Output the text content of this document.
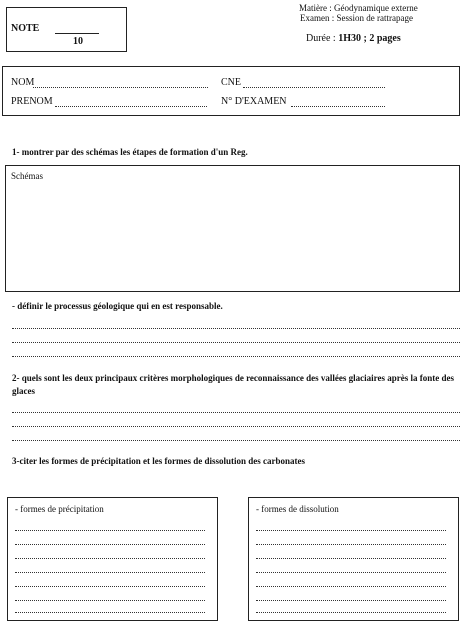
NOTE
10
Matière : Géodynamique externe
Examen : Session de rattrapage
Durée : 1H30 ; 2 pages
NOM	CNE
PRENOM	N° D'EXAMEN
1- montrer par des schémas les étapes de formation d'un Reg.
Schémas
- définir le processus géologique qui en est responsable.
2- quels sont les deux principaux critères morphologiques de reconnaissance des vallées glaciaires après la fonte des glaces
3-citer les formes de précipitation et les formes de dissolution des carbonates
- formes de précipitation	- formes de dissolution
